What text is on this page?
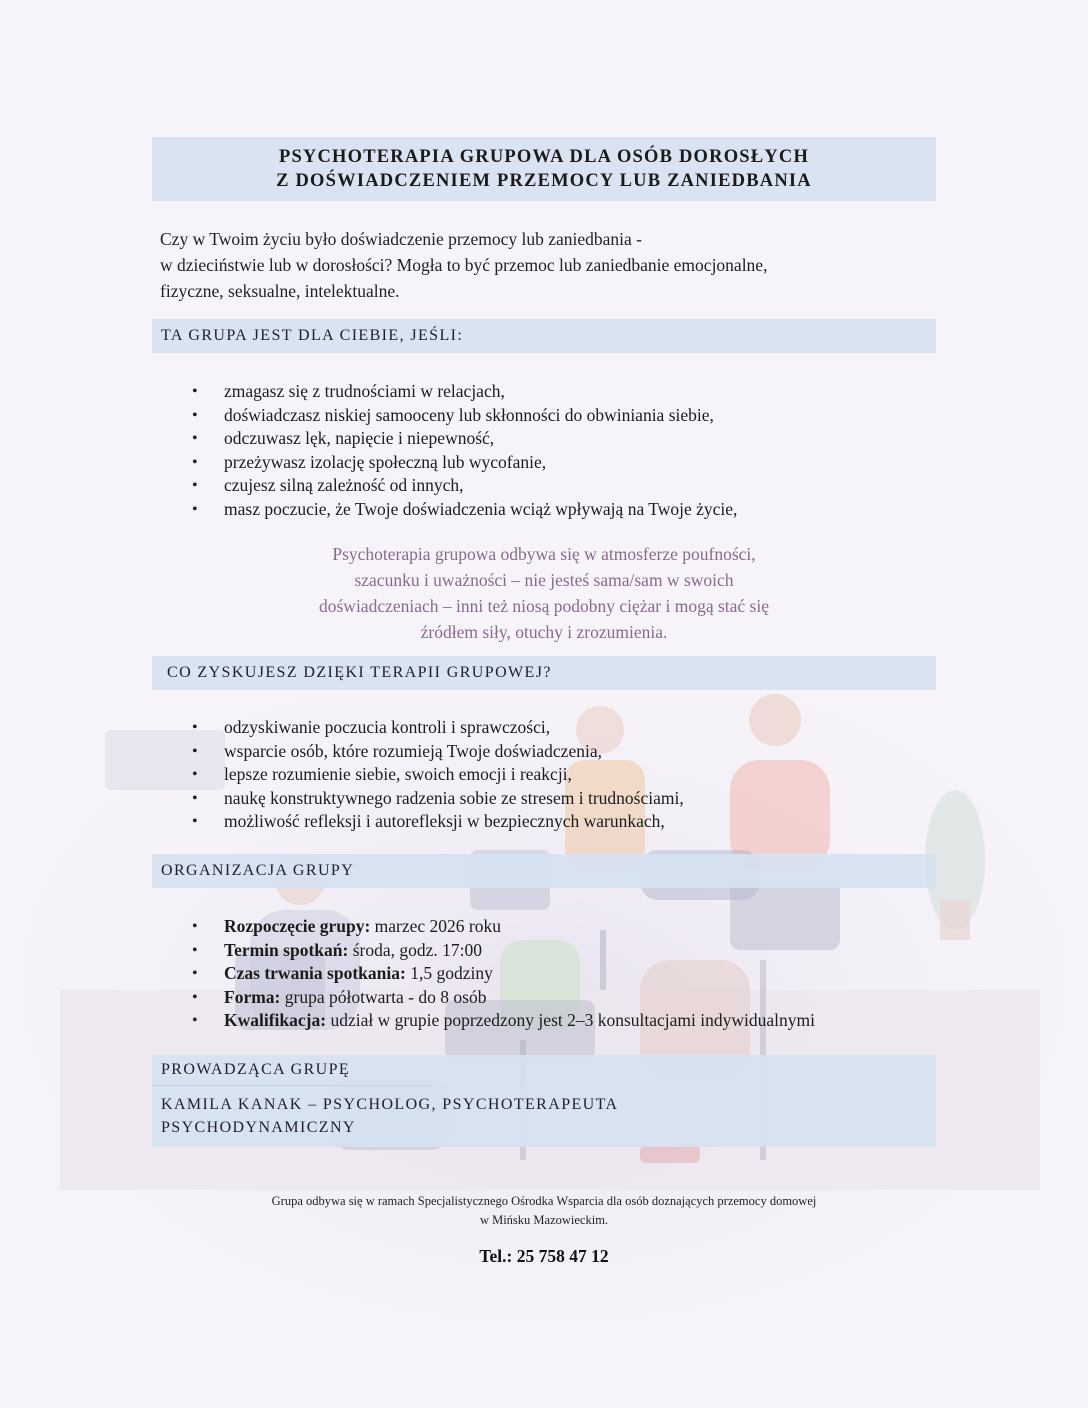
PSYCHOTERAPIA GRUPOWA DLA OSÓB DOROSŁYCH
Z DOŚWIADCZENIEM PRZEMOCY LUB ZANIEDBANIA
Czy w Twoim życiu było doświadczenie przemocy lub zaniedbania -
w dzieciństwie lub w dorosłości? Mogła to być przemoc lub zaniedbanie emocjonalne,
fizyczne, seksualne, intelektualne.
TA GRUPA JEST DLA CIEBIE, JEŚLI:
• zmagasz się z trudnościami w relacjach,
• doświadczasz niskiej samooceny lub skłonności do obwiniania siebie,
• odczuwasz lęk, napięcie i niepewność,
• przeżywasz izolację społeczną lub wycofanie,
• czujesz silną zależność od innych,
• masz poczucie, że Twoje doświadczenia wciąż wpływają na Twoje życie,
Psychoterapia grupowa odbywa się w atmosferze poufności,
szacunku i uważności – nie jesteś sama/sam w swoich
doświadczeniach – inni też niosą podobny ciężar i mogą stać się
źródłem siły, otuchy i zrozumienia.
CO ZYSKUJESZ DZIĘKI TERAPII GRUPOWEJ?
• odzyskiwanie poczucia kontroli i sprawczości,
• wsparcie osób, które rozumieją Twoje doświadczenia,
• lepsze rozumienie siebie, swoich emocji i reakcji,
• naukę konstruktywnego radzenia sobie ze stresem i trudnościami,
• możliwość refleksji i autorefleksji w bezpiecznych warunkach,
ORGANIZACJA GRUPY
• Rozpoczęcie grupy: marzec 2026 roku
• Termin spotkań: środa, godz. 17:00
• Czas trwania spotkania: 1,5 godziny
• Forma: grupa półotwarta - do 8 osób
• Kwalifikacja: udział w grupie poprzedzony jest 2–3 konsultacjami indywidualnymi
PROWADZĄCA GRUPĘ
KAMILA KANAK – PSYCHOLOG, PSYCHOTERAPEUTA
PSYCHODYNAMICZNY
Grupa odbywa się w ramach Specjalistycznego Ośrodka Wsparcia dla osób doznających przemocy domowej
w Mińsku Mazowieckim.
Tel.: 25 758 47 12
